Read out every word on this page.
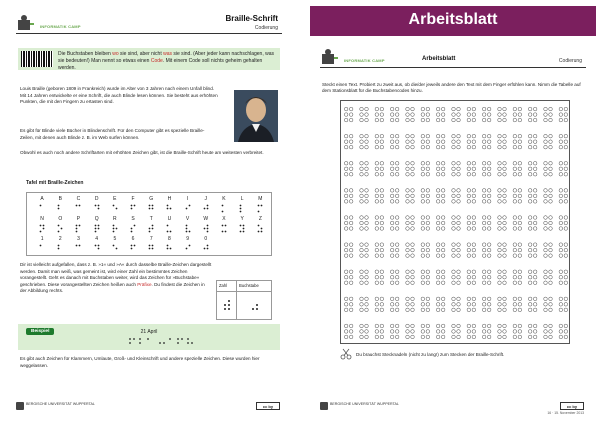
INFORMATIK CAMP
Braille-Schrift
Codierung
Die Buchstaben bleiben wo sie sind, aber nicht was sie sind. (Aber jeder kann nachschlagen, was sie bedeuten!) Man nennt so etwas einen Code. Mit einem Code soll nichts geheim gehalten werden.
Louis Braille (geboren 1809 in Frankreich) wurde im Alter von 3 Jahren nach einem Unfall blind. Mit 14 Jahren entwickelte er eine Schrift, die auch Blinde lesen können. Sie besteht aus erhöhten Punkten, die mit den Fingern zu ertasten sind.
Es gibt für Blinde viele Bücher in Blindenschrift. Für den Computer gibt es spezielle Braille-Zeilen, mit denen auch Blinde z. B. im Web surfen können.
Obwohl es auch noch andere Schriftarten mit erhöhten Zeichen gibt, ist die Braille-Schrift heute am weitesten verbreitet.
Tafel mit Braille-Zeichen
A	B	C	D	E	F	G	H	I	J	K	L	M
N	O	P	Q	R	S	T	U	V	W	X	Y	Z
1	2	3	4	5	6	7	8	9	0
Dir ist vielleicht aufgefallen, dass z. B. »1« und »A« durch dasselbe Braille-Zeichen dargestellt werden. Damit man weiß, was gemeint ist, wird einer Zahl ein bestimmtes Zeichen vorangestellt. Geht es danach mit Buchstaben weiter, wird das Zeichen für »Buchstabe« geschrieben. Diese vorangestellten Zeichen heißen auch Präfixe. Du findest die Zeichen in der Abbildung rechts.
Zahl	Buchstabe
Beispiel	21 April
Es gibt auch Zeichen für Klammern, Umlaute, Groß- und Kleinschrift und andere spezielle Zeichen. Diese wurden hier weggelassen.
BERGISCHE UNIVERSITÄT WUPPERTAL	cc by
Arbeitsblatt
INFORMATIK CAMP	Arbeitsblatt	Codierung
Steckt einen Text. Probiert zu zweit aus, ob die/der jeweils andere den Text mit dem Finger erfühlen kann. Nimm die Tabelle auf dem Stationsblatt für die Buchstabencodes hinzu.
Du brauchst Stecknadeln (nicht zu lang!) zum Stecken der Braille-Schrift.
BERGISCHE UNIVERSITÄT WUPPERTAL	cc by
16 · 15. November 2013
